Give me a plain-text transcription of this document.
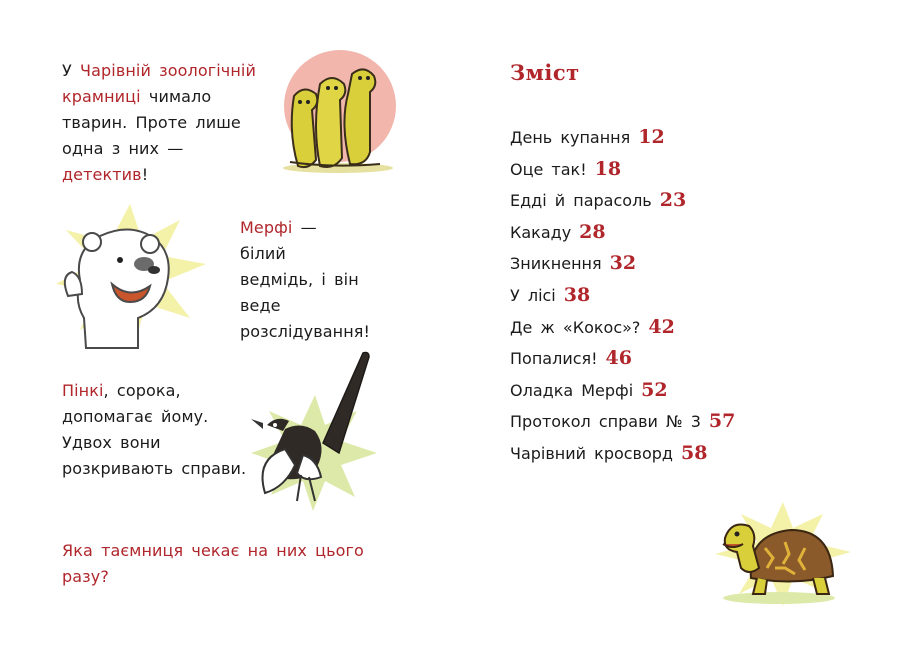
У Чарівній зоологічній крамниці чимало тварин. Проте лише одна з них — детектив!
Мерфі — білий ведмідь, і він веде розслідування!
Пінкі, сорока, допомагає йому. Удвох вони розкривають справи.
Яка таємниця чекає на них цього разу?
Зміст
День купання 12
Оце так! 18
Едді й парасоль 23
Какаду 28
Зникнення 32
У лісі 38
Де ж «Кокос»? 42
Попалися! 46
Оладка Мерфі 52
Протокол справи № 3 57
Чарівний кросворд 58
